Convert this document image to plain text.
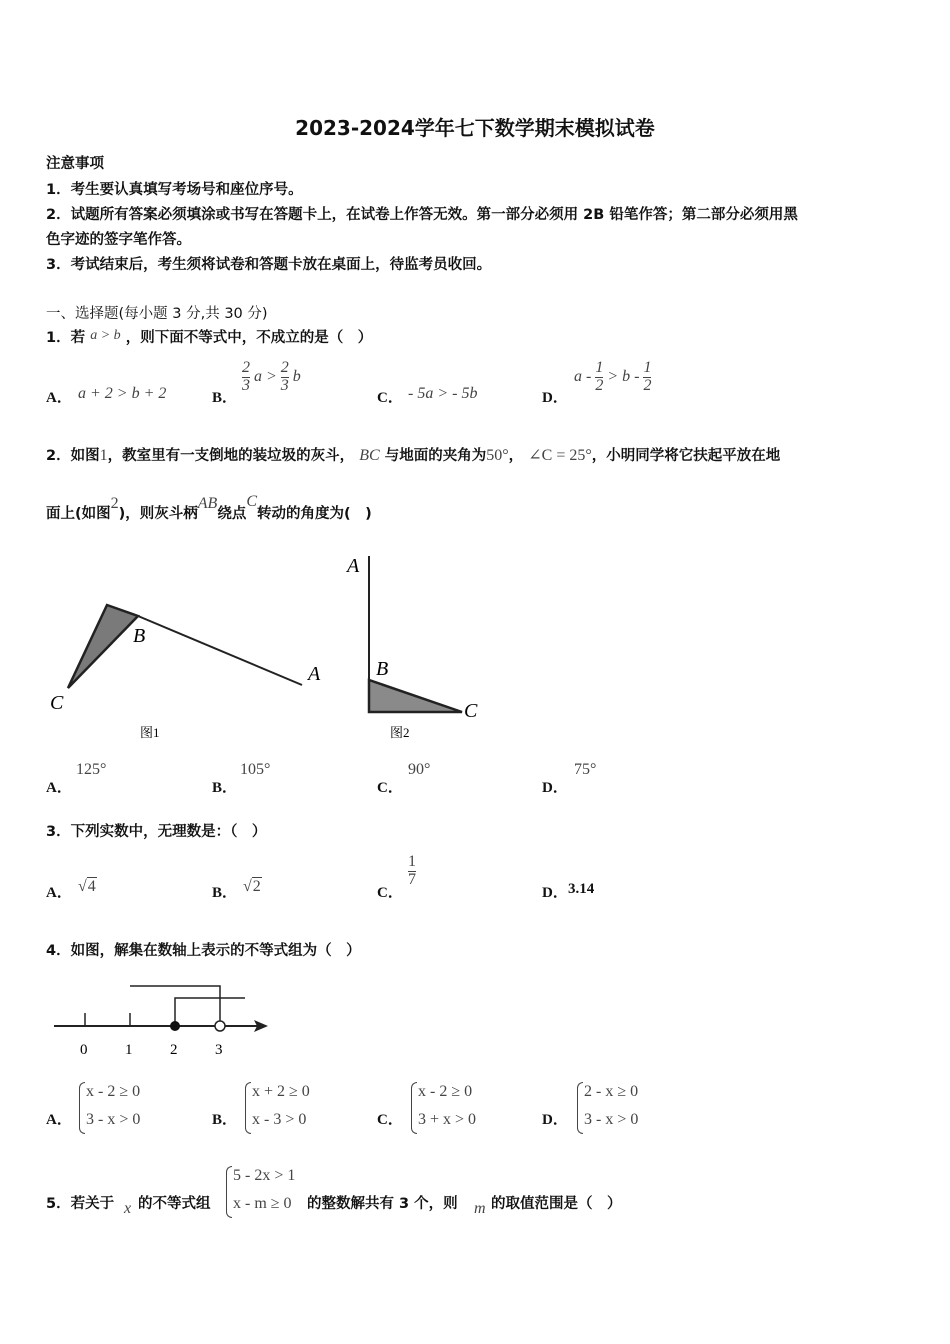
2023-2024学年七下数学期末模拟试卷
注意事项
1．考生要认真填写考场号和座位序号。
2．试题所有答案必须填涂或书写在答题卡上，在试卷上作答无效。第一部分必须用 2B 铅笔作答；第二部分必须用黑
色字迹的签字笔作答。
3．考试结束后，考生须将试卷和答题卡放在桌面上，待监考员收回。
一、选择题(每小题 3 分,共 30 分)
1．若 a > b ，则下面不等式中，不成立的是（　）
A． a + 2 > b + 2	B．
$\frac{2}{3}$ $a > \frac{2}{3}$ b
C． - 5a > - 5b	D．
$a - \frac{1}{2} > b - \frac{1}{2}$
2．如图1，教室里有一支倒地的装垃圾的灰斗， BC 与地面的夹角为50°， ∠C = 25°，小明同学将它扶起平放在地
面上(如图2)，则灰斗柄AB绕点C转动的角度为(　)
C
B
A
图1
A
B
C
图2
A．
125°
B．
105°
C．
90°
D．
75°
3．下列实数中，无理数是：（　）
A． √4	B． √2	C．
$\frac{1}{7}$
D． 3.14
4．如图，解集在数轴上表示的不等式组为（　）
0	1	2	3
A．
x - 2 ≥ 0
3 - x > 0	B．
x + 2 ≥ 0
x - 3 > 0	C．
x - 2 ≥ 0
3 + x > 0	D．
2 - x ≥ 0
3 - x > 0
5．若关于 x 的不等式组
5 - 2x > 1
x - m ≥ 0 的整数解共有 3 个，则 m 的取值范围是（　）
